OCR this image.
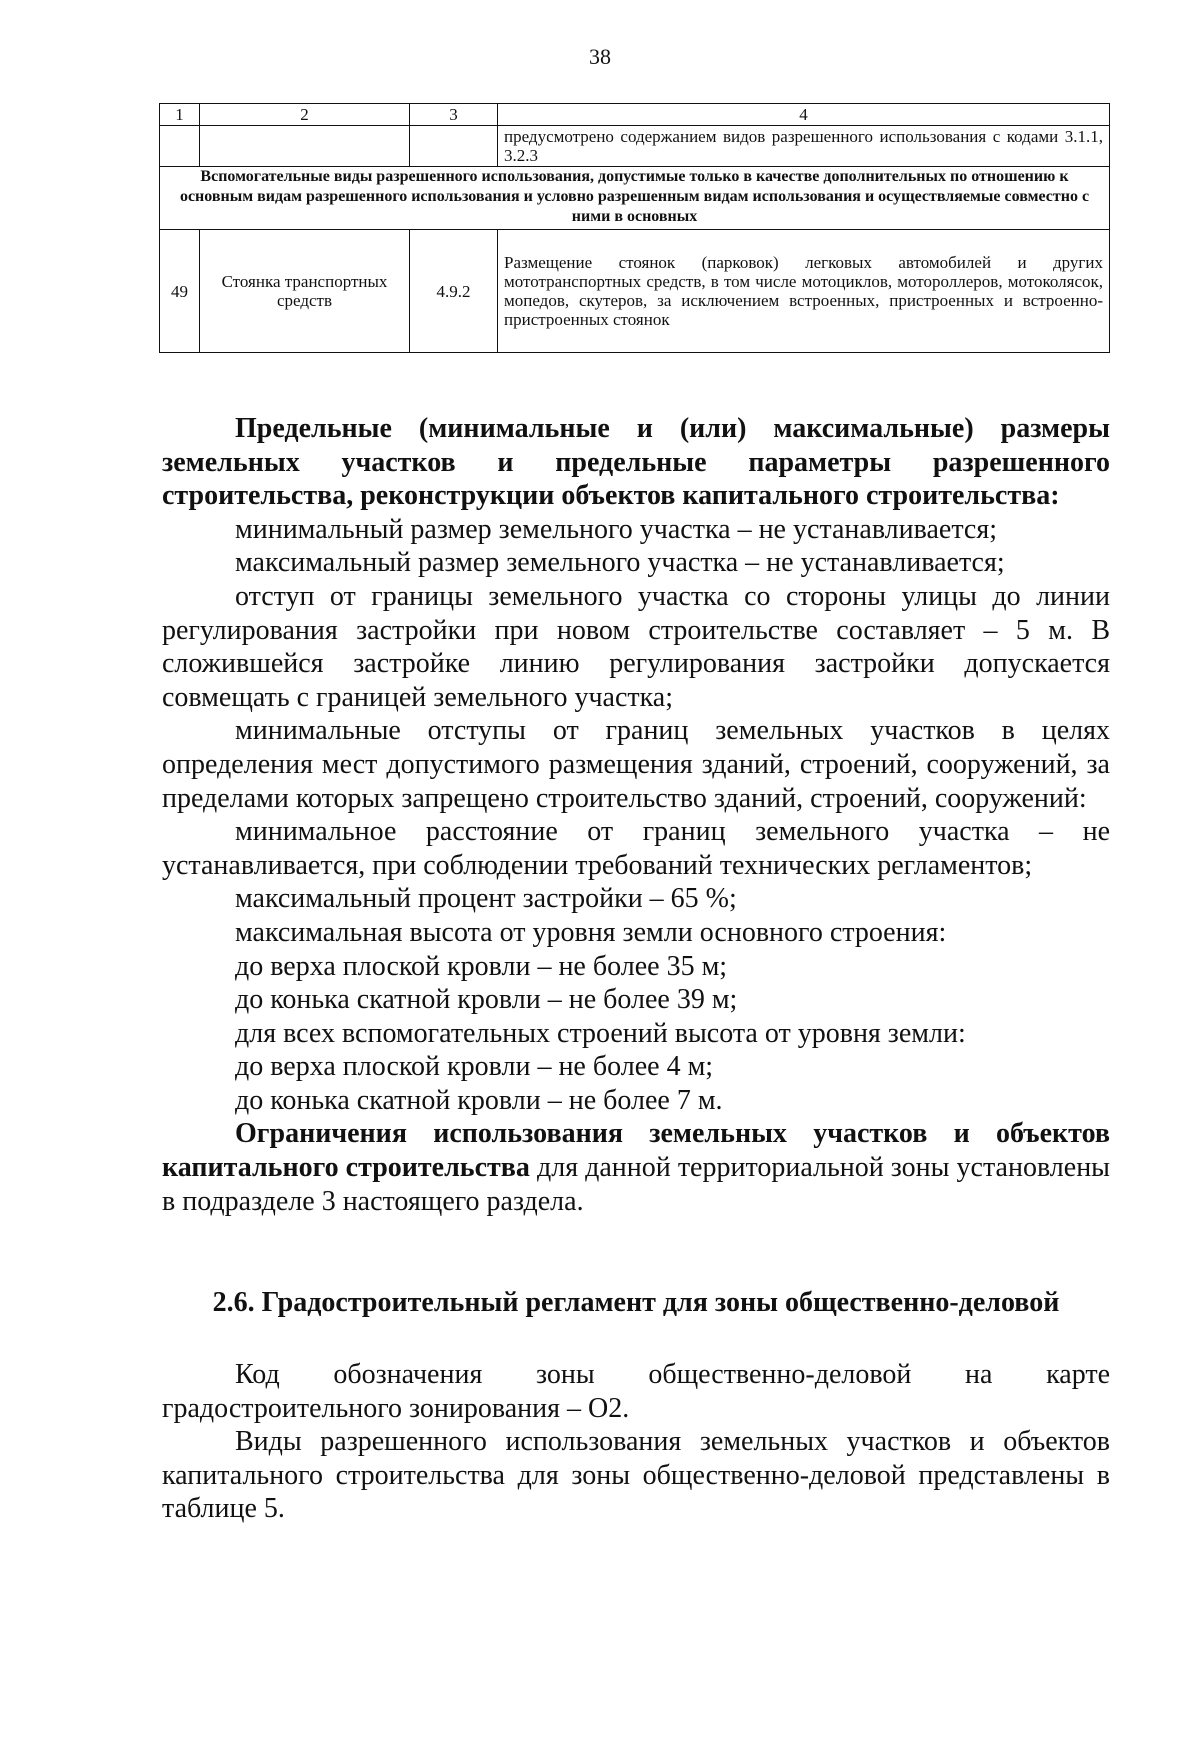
38
1	2	3	4
			предусмотрено содержанием видов разрешенного использования с кодами 3.1.1, 3.2.3

Вспомогательные виды разрешенного использования, допустимые только в качестве дополнительных по отношению к основным видам разрешенного использования и условно разрешенным видам использования и осуществляемые совместно с ними в основных			

49	Стоянка транспортных средств	4.9.2	Размещение стоянок (парковок) легковых автомобилей и других мототранспортных средств, в том числе мотоциклов, мотороллеров, мотоколясок, мопедов, скутеров, за исключением встроенных, пристроенных и встроенно-пристроенных стоянок

Предельные (минимальные и (или) максимальные) размеры земельных участков и предельные параметры разрешенного строительства, реконструкции объектов капитального строительства:

минимальный размер земельного участка – не устанавливается;

максимальный размер земельного участка – не устанавливается;

отступ от границы земельного участка со стороны улицы до линии регулирования застройки при новом строительстве составляет – 5 м. В сложившейся застройке линию регулирования застройки допускается совмещать с границей земельного участка;

минимальные отступы от границ земельных участков в целях определения мест допустимого размещения зданий, строений, сооружений, за пределами которых запрещено строительство зданий, строений, сооружений:

минимальное расстояние от границ земельного участка – не устанавливается, при соблюдении требований технических регламентов;

максимальный процент застройки – 65 %;

максимальная высота от уровня земли основного строения:

до верха плоской кровли – не более 35 м;

до конька скатной кровли – не более 39 м;

для всех вспомогательных строений высота от уровня земли:

до верха плоской кровли – не более 4 м;

до конька скатной кровли – не более 7 м.

Ограничения использования земельных участков и объектов капитального строительства для данной территориальной зоны установлены в подразделе 3 настоящего раздела.

2.6. Градостроительный регламент для зоны общественно-деловой

Код обозначения зоны общественно-деловой на карте градостроительного зонирования – О2.

Виды разрешенного использования земельных участков и объектов капитального строительства для зоны общественно-деловой представлены в таблице 5.
